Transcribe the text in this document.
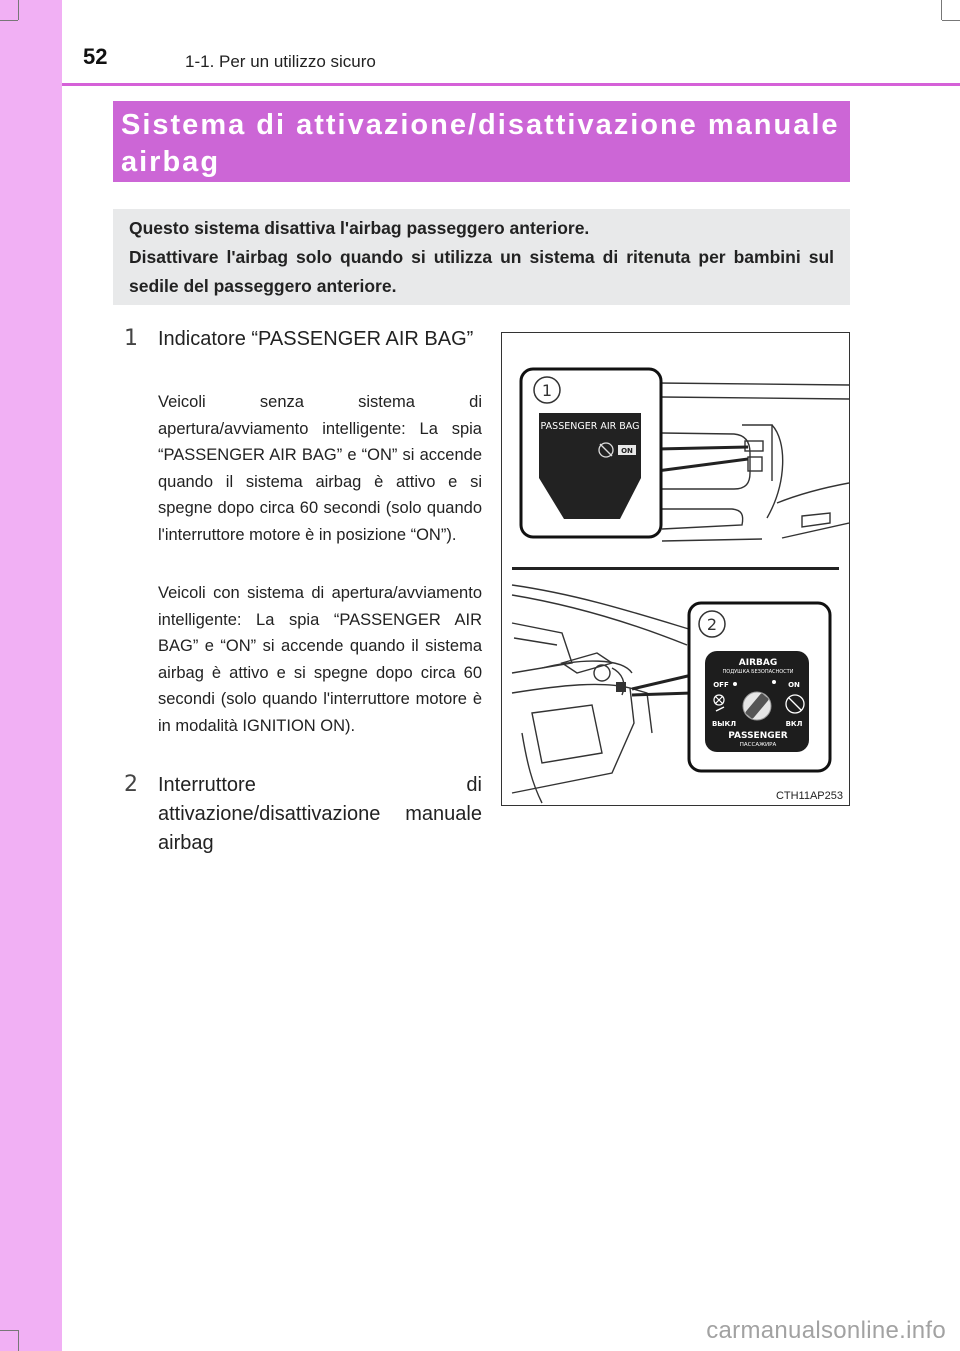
52	1-1. Per un utilizzo sicuro
Sistema di attivazione/disattivazione manuale airbag
Questo sistema disattiva l'airbag passeggero anteriore.
Disattivare l'airbag solo quando si utilizza un sistema di ritenuta per bambini sul sedile del passeggero anteriore.
1 Indicatore “PASSENGER AIR BAG”
Veicoli senza sistema di apertura/avviamento intelligente: La spia “PASSENGER AIR BAG” e “ON” si accende quando il sistema airbag è attivo e si spegne dopo circa 60 secondi (solo quando l'interruttore motore è in posizione “ON”).
Veicoli con sistema di apertura/avviamento intelligente: La spia “PASSENGER AIR BAG” e “ON” si accende quando il sistema airbag è attivo e si spegne dopo circa 60 secondi (solo quando l'interruttore motore è in modalità IGNITION ON).
2 Interruttore di attivazione/disattivazione manuale airbag
1
PASSENGER AIR BAG
ON
2
AIRBAG
ПОДУШКА БЕЗОПАСНОСТИ
OFF	ON
ВЫКЛ	ВКЛ
PASSENGER
ПАССАЖИРА
CTH11AP253
carmanualsonline.info
